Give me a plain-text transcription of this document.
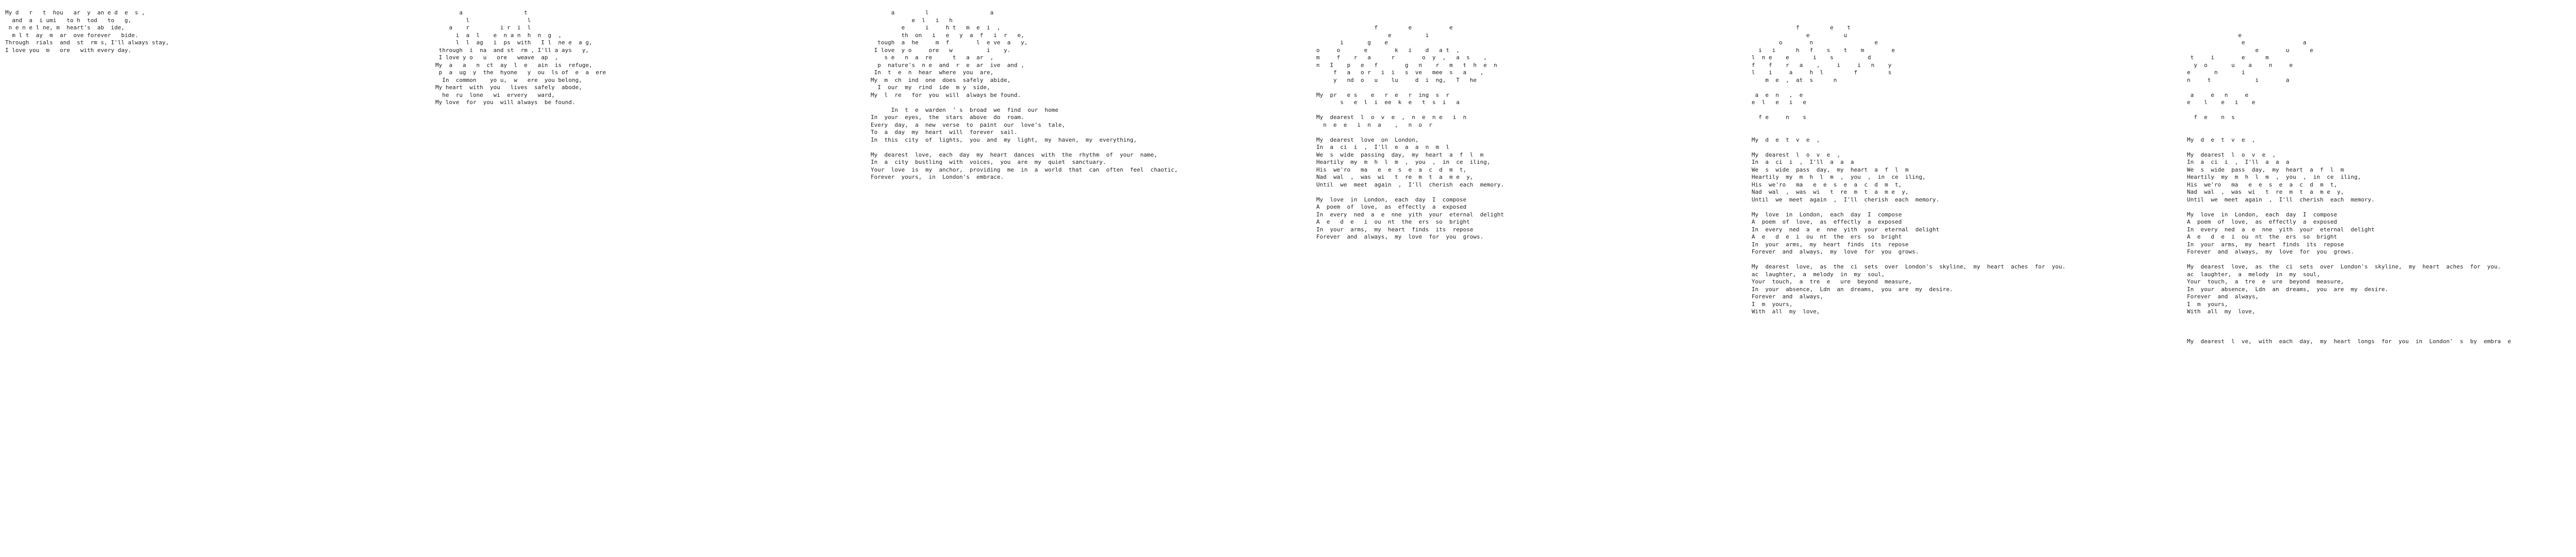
My d   r   t  hou   ar  y  an e d  e  s ,
and  a  i umi   to h  tod   to   g,
n e n e l ne, m  heart's  ab  ide,
m l t  ay  m  ar  ove forever   bide.
Through  rials  and  st  rm s, I'll always stay,
I love you  m   ore   with every day.
a                  t
l                 l
a    r         i r  i  l
i  a  l    e  n a n  h  n  g  ,
l  l  ag   i  ps  with   I l  ne e  a g,
through  i  na  and st  rm , I'll a ays   y,
I love y o   u   ore   weave  ap  ,
My  a   a   n  ct  ay  l  e   ain  is  refuge,
p  a  ug  y  the  hyone   y  ou  ls of  e  a  ere
In  common    yo u,  w   ere  you belong,
My heart  with  you   lives  safely  abode,
he  ru  lone   wi  ervery   ward,
My love  for  you  will always  be found.
a         l                  a
e  l   i   h
e      i     h t   m  e  i  ,
th  on   i   e   y  a  f   i  r   e,
tough  a  he     m  f        l  e ve  a   y,
I love  y o     ore   w          i    y.
s e   n  a  re      t   a  ar  ,
p  nature's  n e  and  r  e  ar  ive  and ,
In  t  e  n  hear  where  you  are,
My  m  ch  ind  one  does  safely  abide,
I  our  my  rind  ide  m y  side,
My  l  re   for  you  will  always be found.
In  t  e  warden  ' s  broad  we  find  our  home
In  your  eyes,  the  stars  above  do  roam.
Every  day,  a  new  verse  to  paint  our  love's  tale,
To  a  day  my  heart  will  forever  sail.
In  this  city  of  lights,  you  and  my  light,  my  haven,  my  everything,
My  dearest  love,  each  day  my  heart  dances  with  the  rhythm  of  your  name,
In  a  city  bustling  with  voices,  you  are  my  quiet  sanctuary.
Your  love  is  my  anchor,  providing  me  in  a  world  that  can  often  feel  chaotic,
Forever  yours,  in  London's  embrace.
f         e           e
e          i
i       g    e
o     o       e        k   i    d   a t  ,
m     f    r   a      r        o  y  ,   a  s    ,
n   I    p   e   f        g   n    r   m   t  h  e  n
f   a   o r   i  i   s  ve   mee  s   a    ,
y   nd  o   u    lu     d  i  ng,   T   he
My  pr   e s    e   r  e   r  ing  s  r
s   e  l  i  ee  k  e   t  s  i   a
My  dearest  l  o  v  e  ,  n  e  n e   i  n
n  e  e   i  n  a    ,   n  o  r
My  dearest  love  on  London,
In  a  ci  i  ,  I'll  e  a  a  n  m  l
We  s  wide  passing  day,  my  heart  a  f  l  m
Heartily  my  m  h  l  m  ,  you  ,  in  ce  iling,
His  we'ro   ma   e  e  s  e  a  c  d  m  t,
Nad  wal  ,  was  wi   t  re  m  t  a  m e  y,
Until  we  meet  again  ,  I'll  cherish  each  memory.
My  love  in  London,  each  day  I  compose
A  poem  of  love,  as  effectly  a  exposed
In  every  ned  a  e  nne  yith  your  eternal  delight
A  e   d  e   i  ou  nt  the  ers  so  bright
In  your  arms,  my  heart  finds  its  repose
Forever  and  always,  my  love  for  you  grows.
f         e    t
e          u
o        n                  e
i   i      h   f    s    t    m        e
l  n e    e       i    s          d
f    f    r   a    ,     i     i   n    y
l    i     a     h  l         f         s
m  e  ,  at  s      n
a  e  n   ,  e
e  l   e   i   e
f e     n    s
My  d  e  t  v  e  ,
My  dearest  l  o  v  e  ,
In  a  ci  i  ,  I'll  a  a  a
We  s  wide  pass  day,  my  heart  a  f  l  m
Heartily  my  m  h  l  m  ,  you  ,  in  ce  iling,
His  we'ro   ma   e  e  s  e  a  c  d  m  t,
Nad  wal  ,  was  wi   t  re  m  t  a  m e  y,
Until  we  meet  again  ,  I'll  cherish  each  memory.
My  love  in  London,  each  day  I  compose
A  poem  of  love,  as  effectly  a  exposed
In  every  ned  a  e  nne  yith  your  eternal  delight
A  e   d  e  i  ou  nt  the  ers  so  bright
In  your  arms,  my  heart  finds  its  repose
Forever  and  always,  my  love  for  you  grows.
My  dearest  love,  as  the  ci  sets  over  London's  skyline,  my  heart  aches  for  you.
ac  laughter,  a  melody  in  my  soul,
Your  touch,  a  tre  e   ure  beyond  measure,
In  your  absence,  Ldn  an  dreams,  you  are  my  desire.
Forever  and  always,
I  m  yours,
With  all  my  love,
e
e                 a
e        u      e
t     i        e      m
y  o       u    a     n     e
e       n       i
n     t             i        a
a     e   n     e
e    l    e   i    e
f  e    n  s
My  d  e  t  v  e  ,
My  dearest  l  o  v  e  ,
In  a  ci  i  ,  I'll  a  a  a
We  s  wide  pass  day,  my  heart  a  f  l  m
Heartily  my  m  h  l  m  ,  you  ,  in  ce  iling,
His  we'ro   ma   e  e  s  e  a  c  d  m  t,
Nad  wal  ,  was  wi   t  re  m  t  a  m e  y,
Until  we  meet  again  ,  I'll  cherish  each  memory.
My  love  in  London,  each  day  I  compose
A  poem  of  love,  as  effectly  a  exposed
In  every  ned  a  e  nne  yith  your  eternal  delight
A  e   d  e  i  ou  nt  the  ers  so  bright
In  your  arms,  my  heart  finds  its  repose
Forever  and  always,  my  love  for  you  grows.
My  dearest  love,  as  the  ci  sets  over  London's  skyline,  my  heart  aches  for  you.
ac  laughter,  a  melody  in  my  soul,
Your  touch,  a  tre  e  ure  beyond  measure,
In  your  absence,  Ldn  an  dreams,  you  are  my  desire.
Forever  and  always,
I  m  yours,
With  all  my  love,
My  dearest  l  ve,  with  each  day,  my  heart  longs  for  you  in  London'  s  by  embra  e
